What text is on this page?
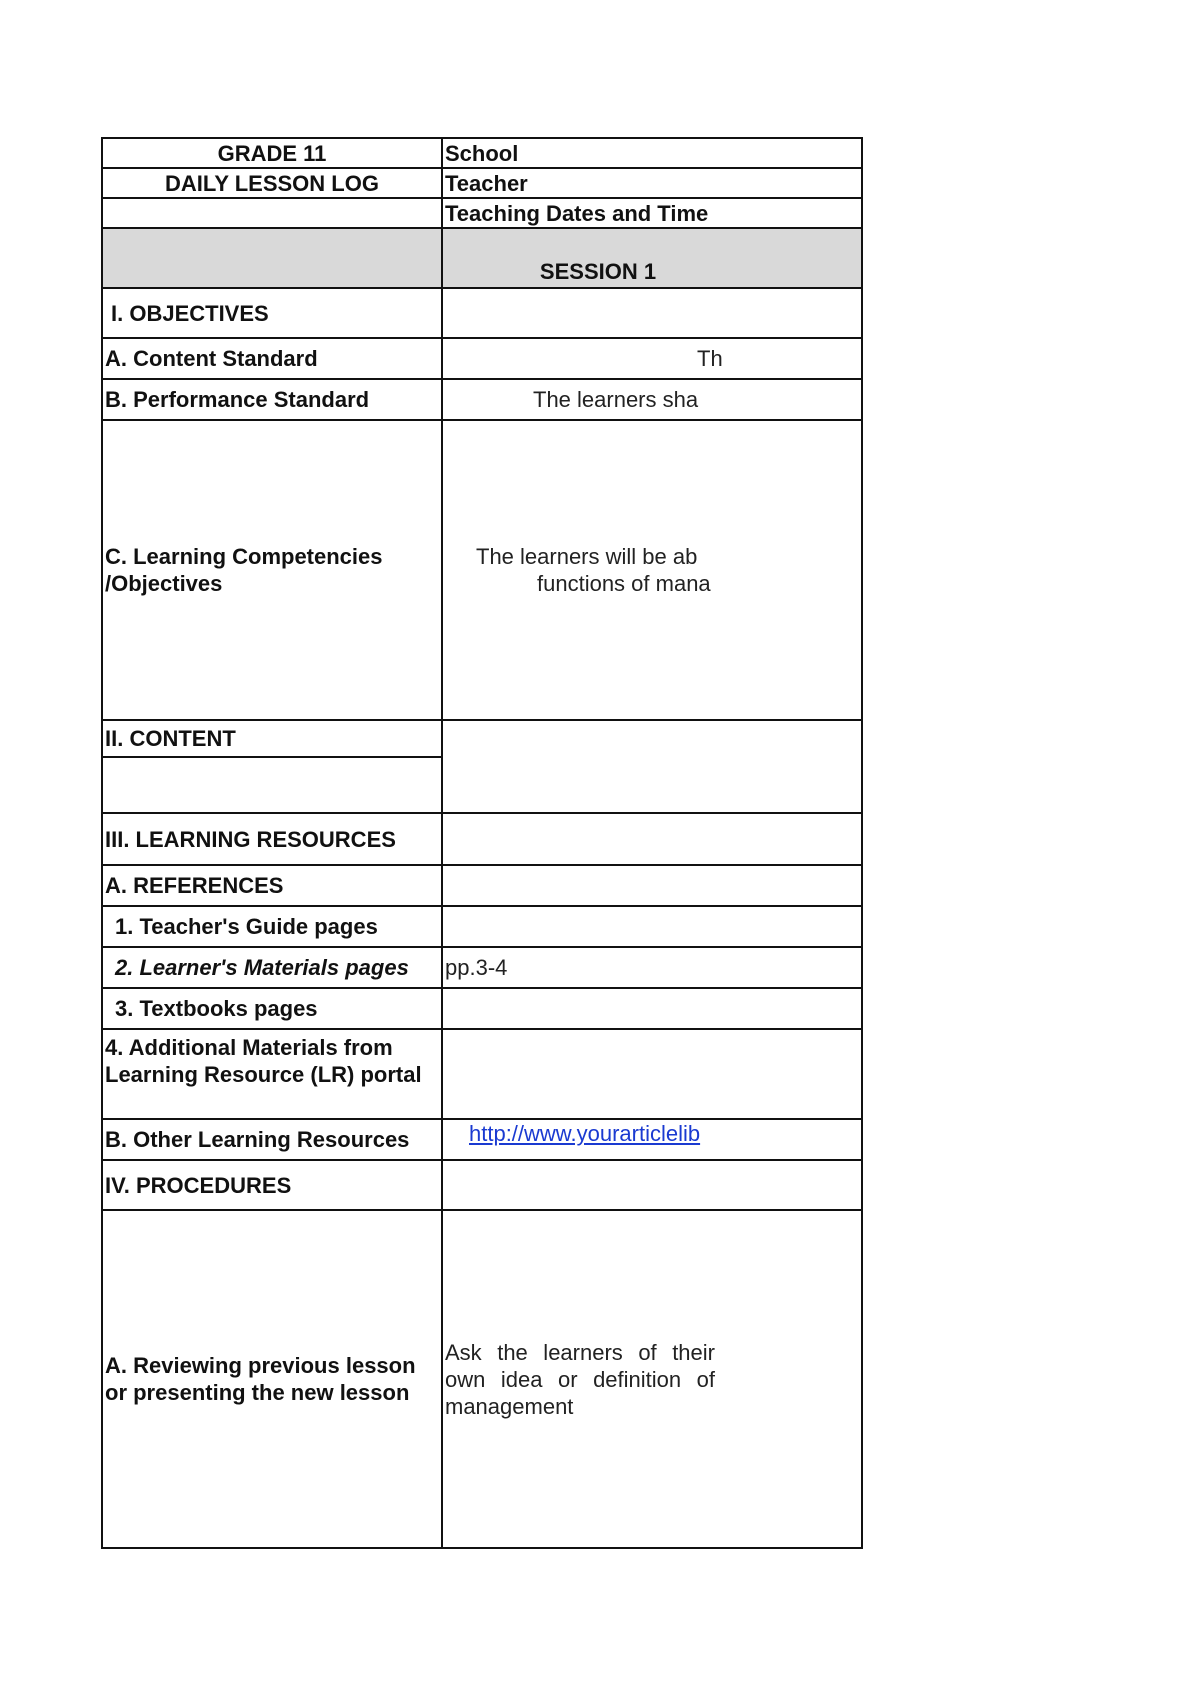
GRADE 11	School
DAILY LESSON LOG	Teacher
	Teaching Dates and Time
	SESSION 1
I. OBJECTIVES	
A. Content Standard	Th
B. Performance Standard	The learners sha
C. Learning Competencies /Objectives	The learners will be ab
functions of mana

II. CONTENT	

III. LEARNING RESOURCES	
A. REFERENCES	
1. Teacher's Guide pages	
2. Learner's Materials pages	pp.3-4
3. Textbooks pages	
4. Additional Materials from Learning Resource (LR) portal	
B. Other Learning Resources	http://www.yourarticlelib
IV. PROCEDURES	
A. Reviewing previous lesson or presenting the new lesson	Ask the learners of their own idea or definition of management
